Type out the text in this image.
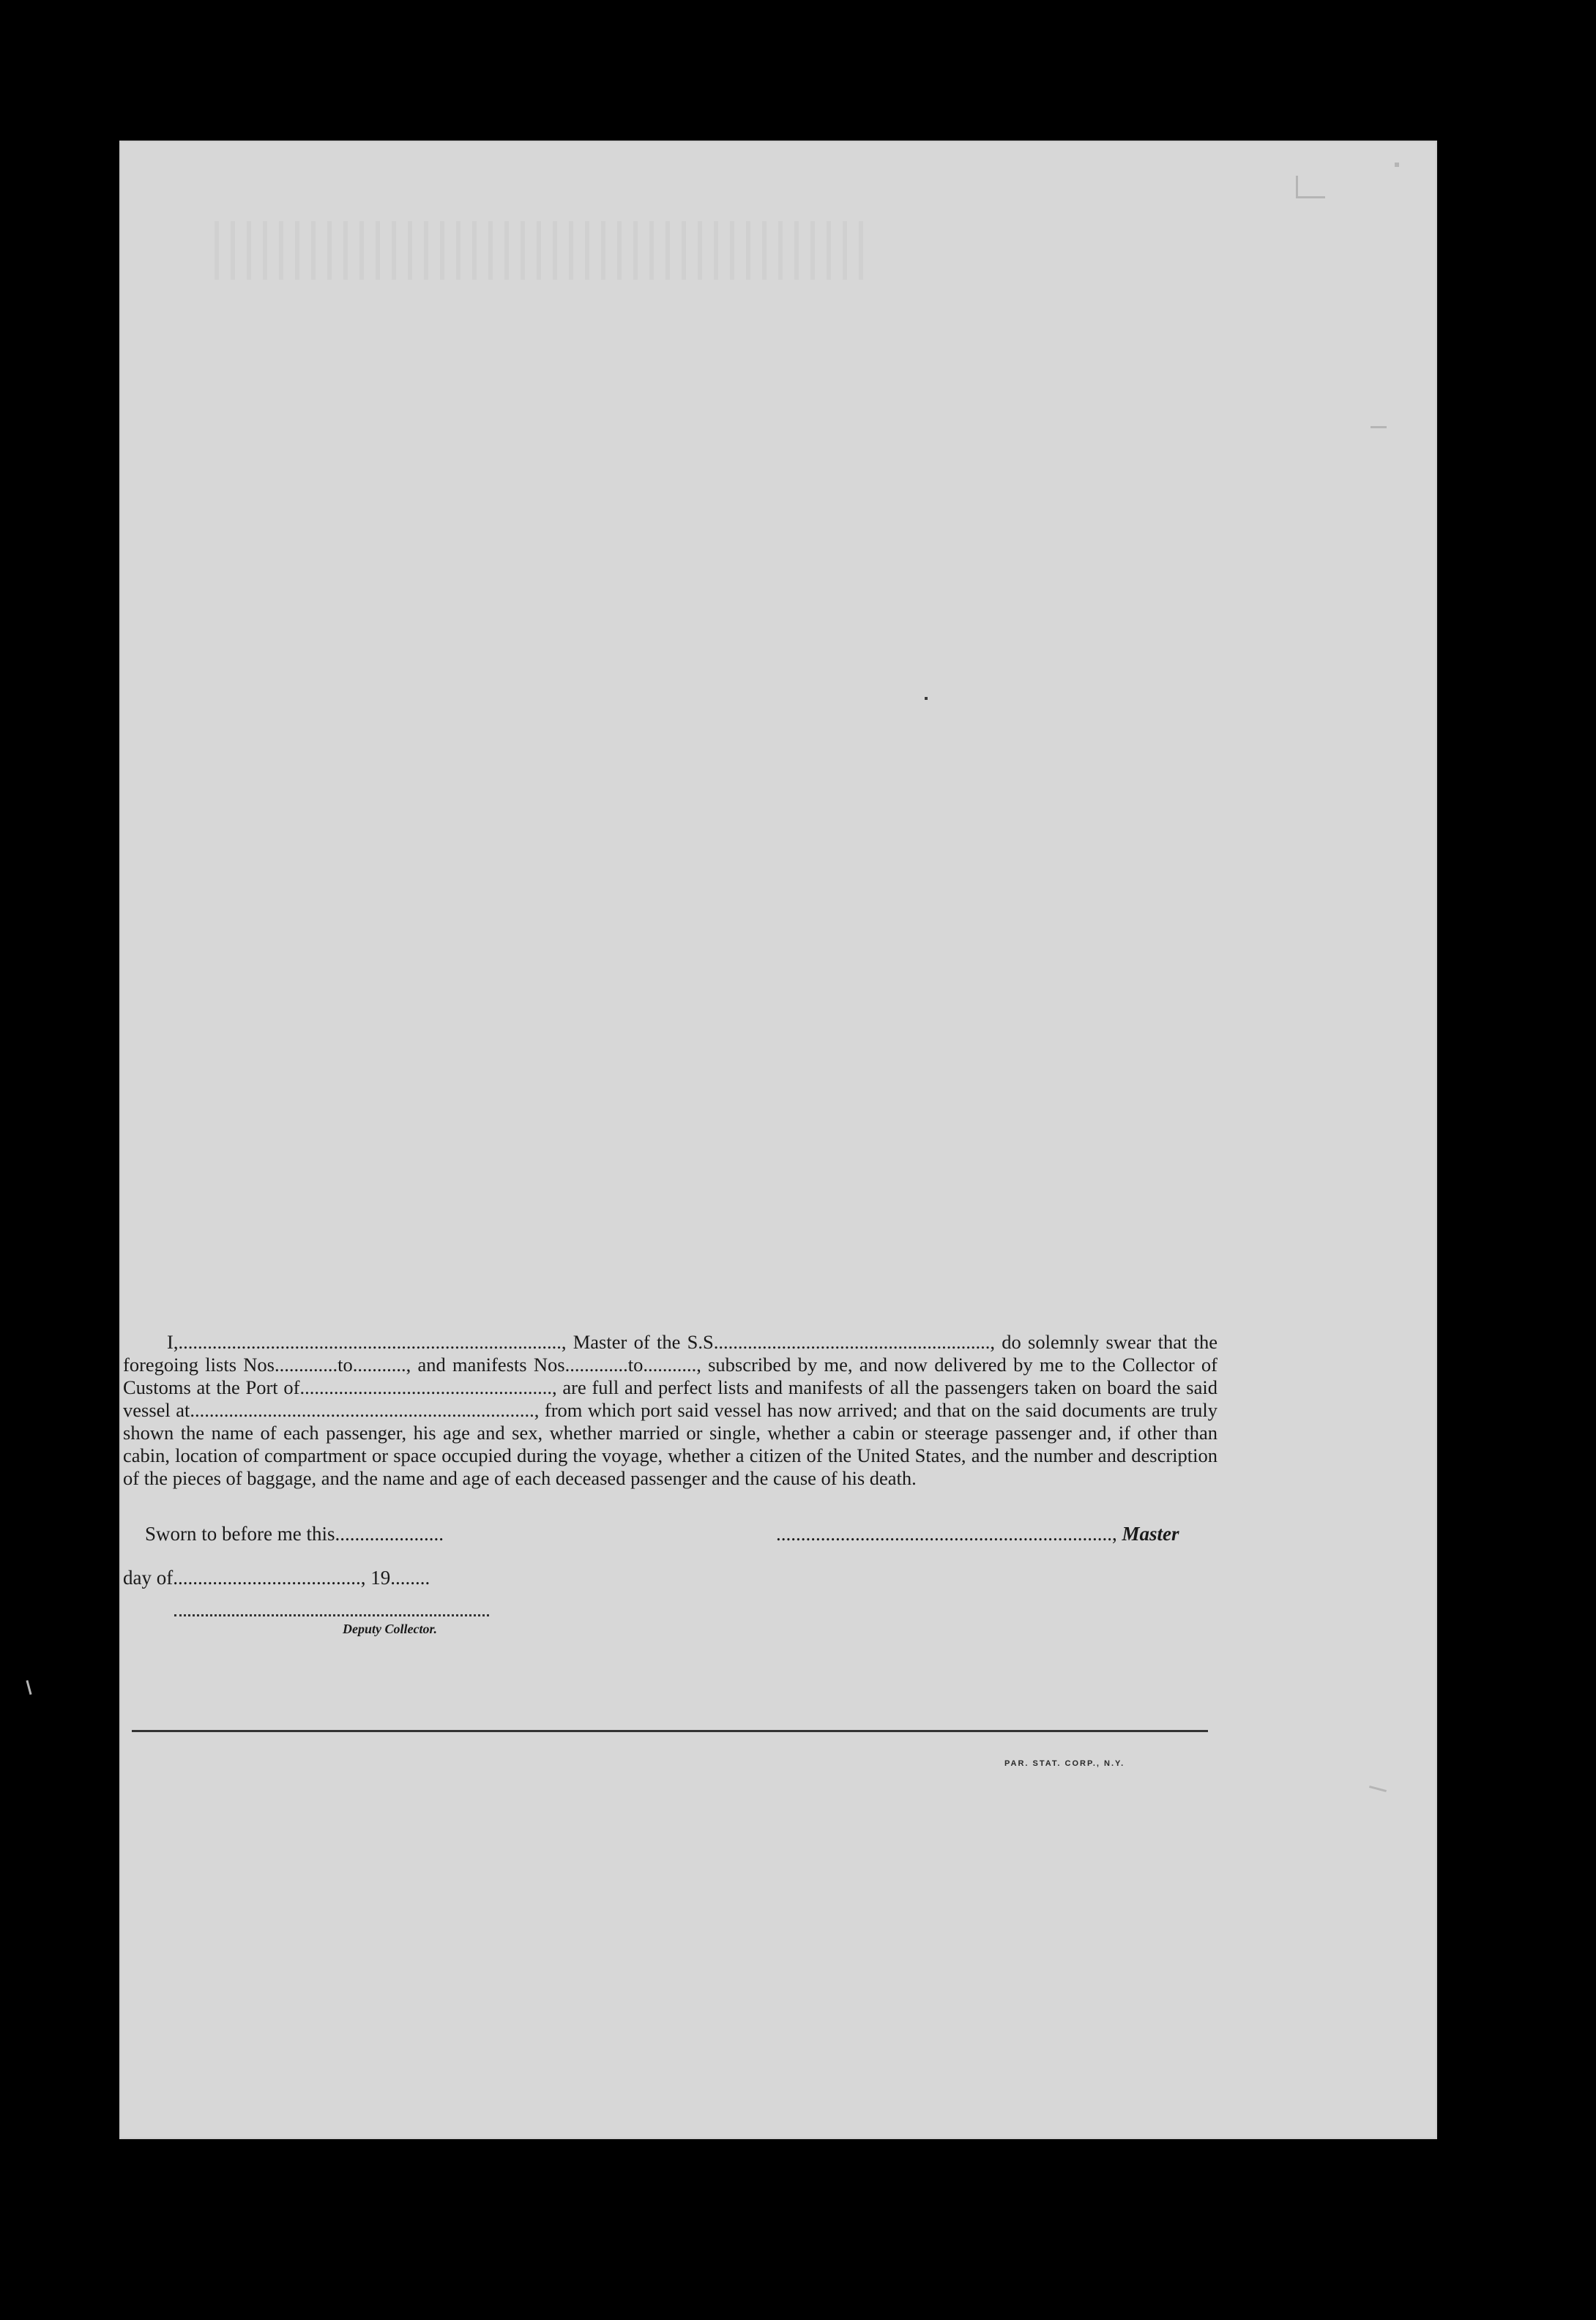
I,..............................................................................., Master of the S.S........................................................., do solemnly swear that the foregoing lists Nos.............to..........., and manifests Nos.............to..........., subscribed by me, and now delivered by me to the Collector of Customs at the Port of...................................................., are full and perfect lists and manifests of all the passengers taken on board the said vessel at......................................................................., from which port said vessel has now arrived; and that on the said documents are truly shown the name of each passenger, his age and sex, whether married or single, whether a cabin or steerage passenger and, if other than cabin, location of compartment or space occupied during the voyage, whether a citizen of the United States, and the number and description of the pieces of baggage, and the name and age of each deceased passenger and the cause of his death.

Sworn to before me this......................
day of......................................, 19........
...................................................................., Master
Deputy Collector.
PAR. STAT. CORP., N.Y.
